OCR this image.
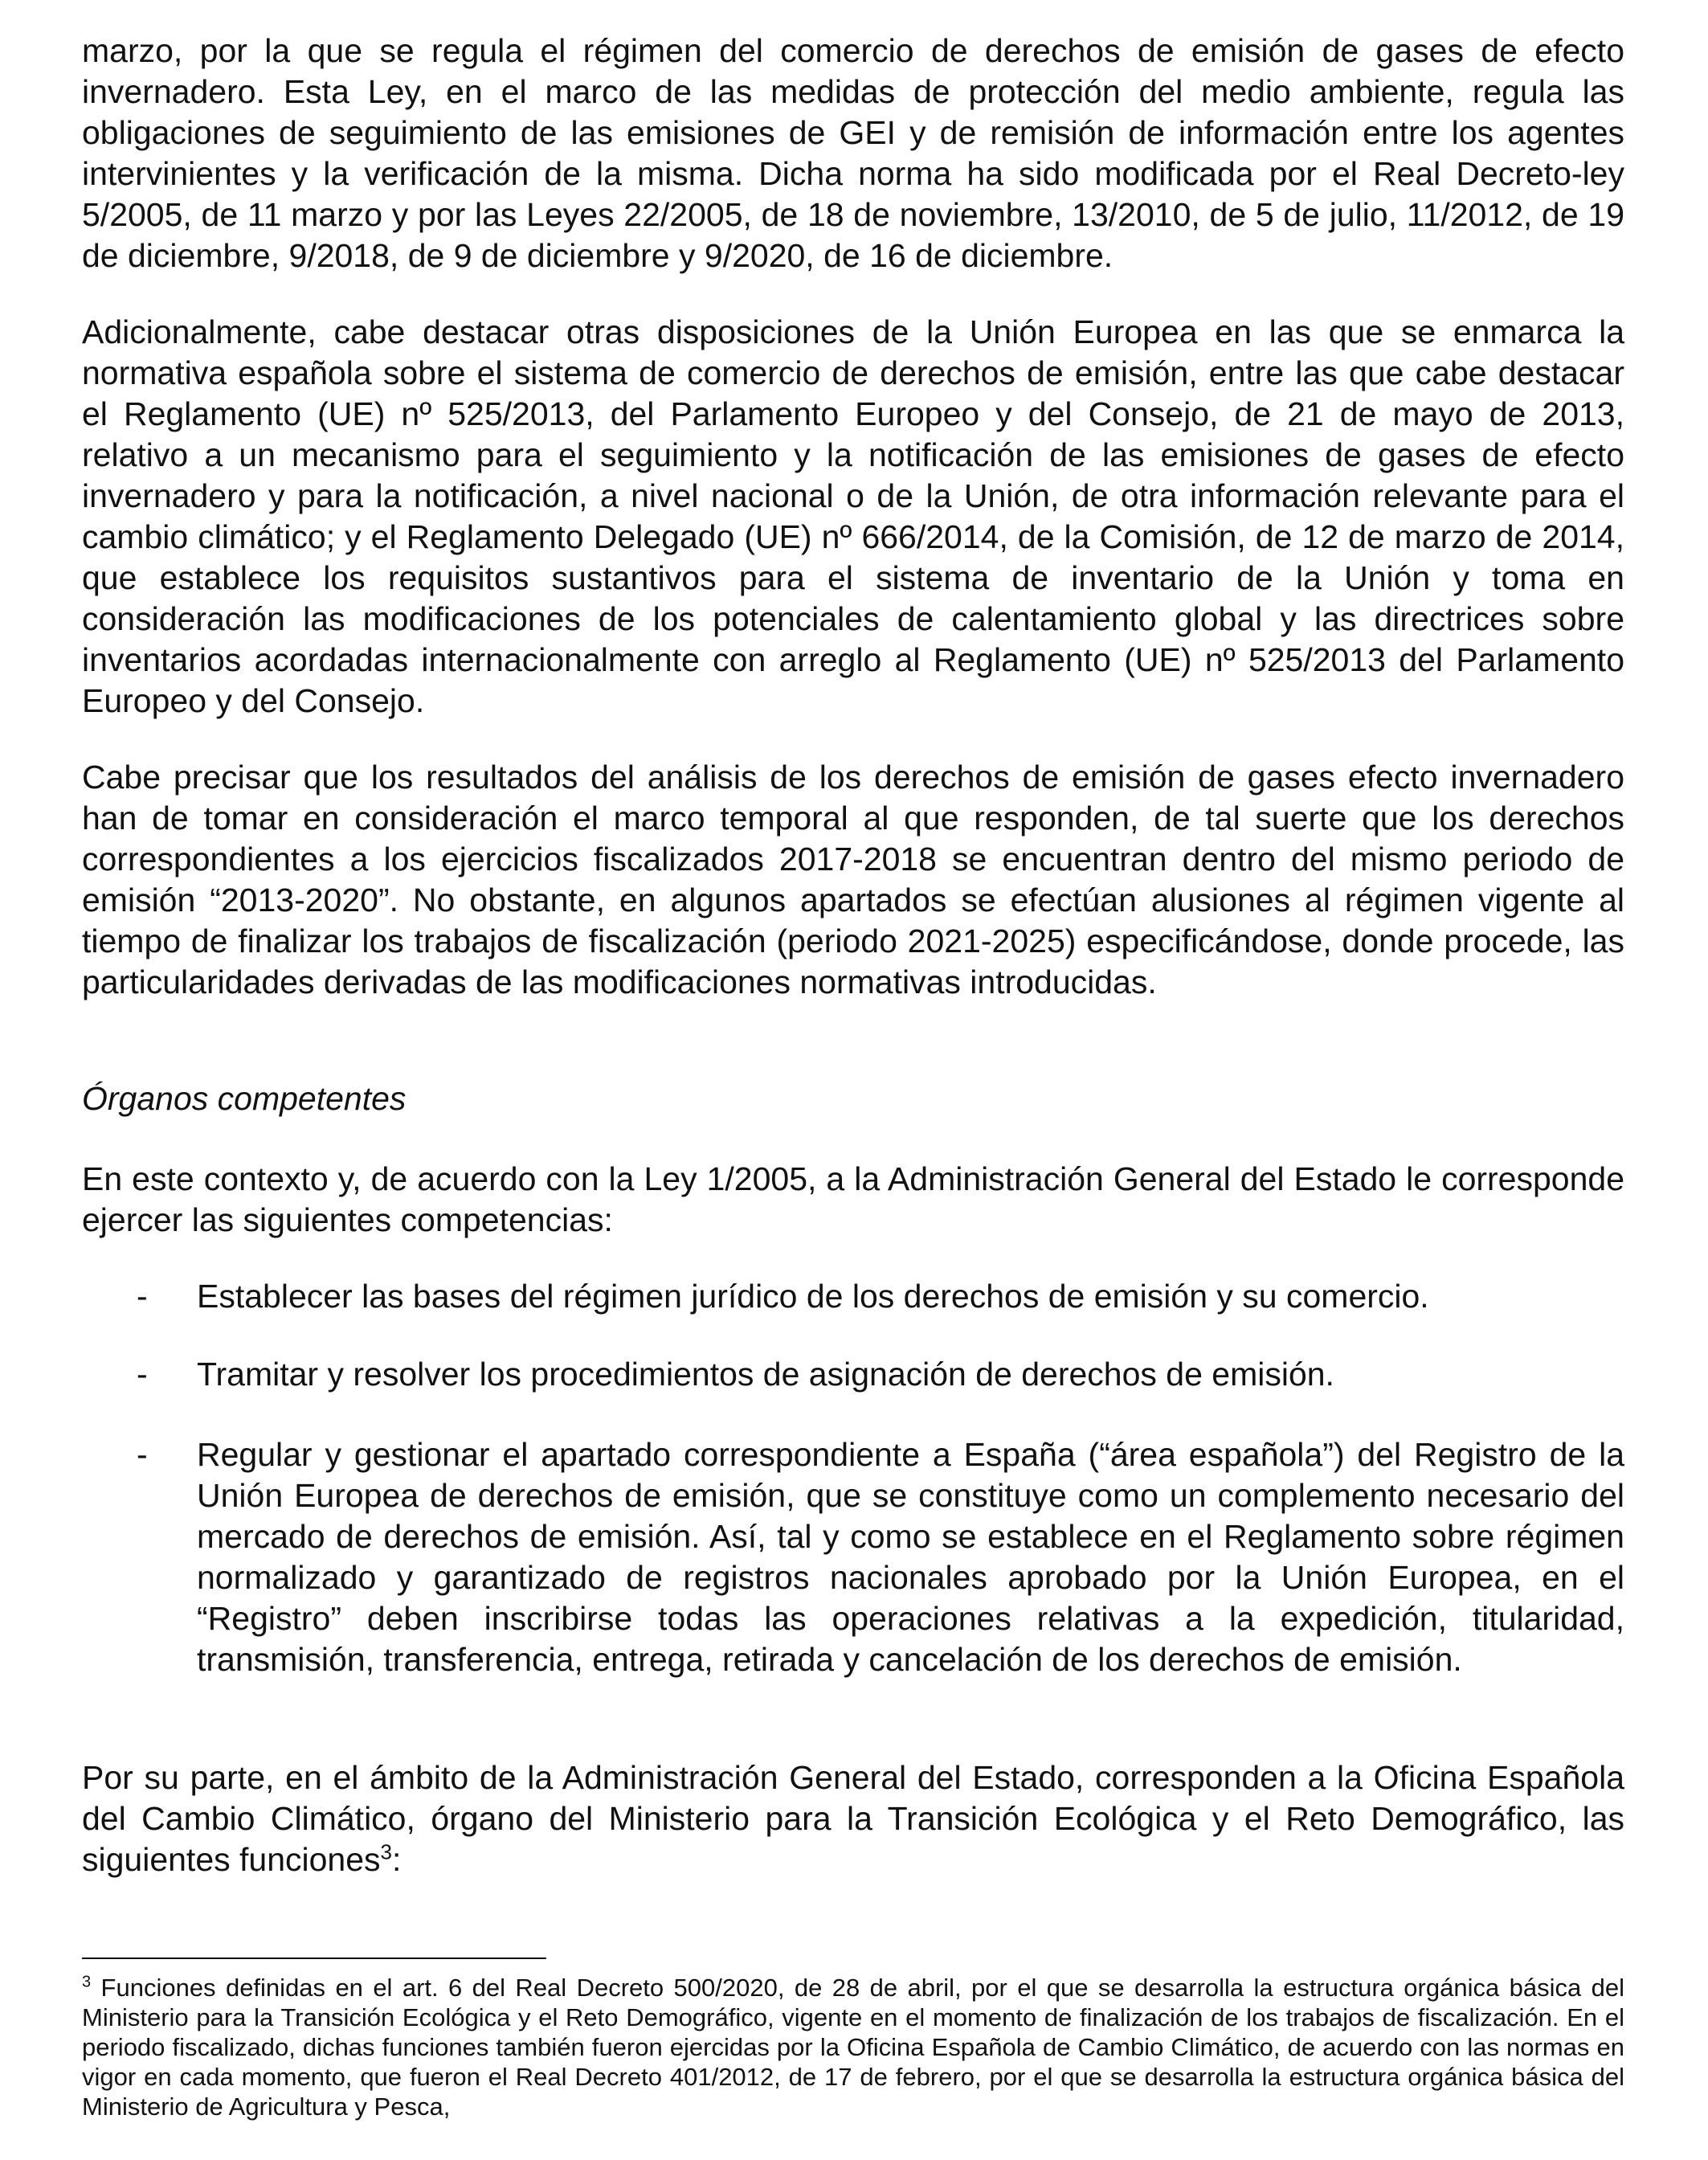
marzo, por la que se regula el régimen del comercio de derechos de emisión de gases de efecto invernadero. Esta Ley, en el marco de las medidas de protección del medio ambiente, regula las obligaciones de seguimiento de las emisiones de GEI y de remisión de información entre los agentes intervinientes y la verificación de la misma. Dicha norma ha sido modificada por el Real Decreto-ley 5/2005, de 11 marzo y por las Leyes 22/2005, de 18 de noviembre, 13/2010, de 5 de julio, 11/2012, de 19 de diciembre, 9/2018, de 9 de diciembre y 9/2020, de 16 de diciembre.

Adicionalmente, cabe destacar otras disposiciones de la Unión Europea en las que se enmarca la normativa española sobre el sistema de comercio de derechos de emisión, entre las que cabe destacar el Reglamento (UE) nº 525/2013, del Parlamento Europeo y del Consejo, de 21 de mayo de 2013, relativo a un mecanismo para el seguimiento y la notificación de las emisiones de gases de efecto invernadero y para la notificación, a nivel nacional o de la Unión, de otra información relevante para el cambio climático; y el Reglamento Delegado (UE) nº 666/2014, de la Comisión, de 12 de marzo de 2014, que establece los requisitos sustantivos para el sistema de inventario de la Unión y toma en consideración las modificaciones de los potenciales de calentamiento global y las directrices sobre inventarios acordadas internacionalmente con arreglo al Reglamento (UE) nº 525/2013 del Parlamento Europeo y del Consejo.

Cabe precisar que los resultados del análisis de los derechos de emisión de gases efecto invernadero han de tomar en consideración el marco temporal al que responden, de tal suerte que los derechos correspondientes a los ejercicios fiscalizados 2017-2018 se encuentran dentro del mismo periodo de emisión “2013-2020”. No obstante, en algunos apartados se efectúan alusiones al régimen vigente al tiempo de finalizar los trabajos de fiscalización (periodo 2021-2025) especificándose, donde procede, las particularidades derivadas de las modificaciones normativas introducidas.

Órganos competentes

En este contexto y, de acuerdo con la Ley 1/2005, a la Administración General del Estado le corresponde ejercer las siguientes competencias:

- Establecer las bases del régimen jurídico de los derechos de emisión y su comercio.
- Tramitar y resolver los procedimientos de asignación de derechos de emisión.
- Regular y gestionar el apartado correspondiente a España (“área española”) del Registro de la Unión Europea de derechos de emisión, que se constituye como un complemento necesario del mercado de derechos de emisión. Así, tal y como se establece en el Reglamento sobre régimen normalizado y garantizado de registros nacionales aprobado por la Unión Europea, en el “Registro” deben inscribirse todas las operaciones relativas a la expedición, titularidad, transmisión, transferencia, entrega, retirada y cancelación de los derechos de emisión.

Por su parte, en el ámbito de la Administración General del Estado, corresponden a la Oficina Española del Cambio Climático, órgano del Ministerio para la Transición Ecológica y el Reto Demográfico, las siguientes funciones$^3$:

$^3$ Funciones definidas en el art. 6 del Real Decreto 500/2020, de 28 de abril, por el que se desarrolla la estructura orgánica básica del Ministerio para la Transición Ecológica y el Reto Demográfico, vigente en el momento de finalización de los trabajos de fiscalización. En el periodo fiscalizado, dichas funciones también fueron ejercidas por la Oficina Española de Cambio Climático, de acuerdo con las normas en vigor en cada momento, que fueron el Real Decreto 401/2012, de 17 de febrero, por el que se desarrolla la estructura orgánica básica del Ministerio de Agricultura y Pesca,
